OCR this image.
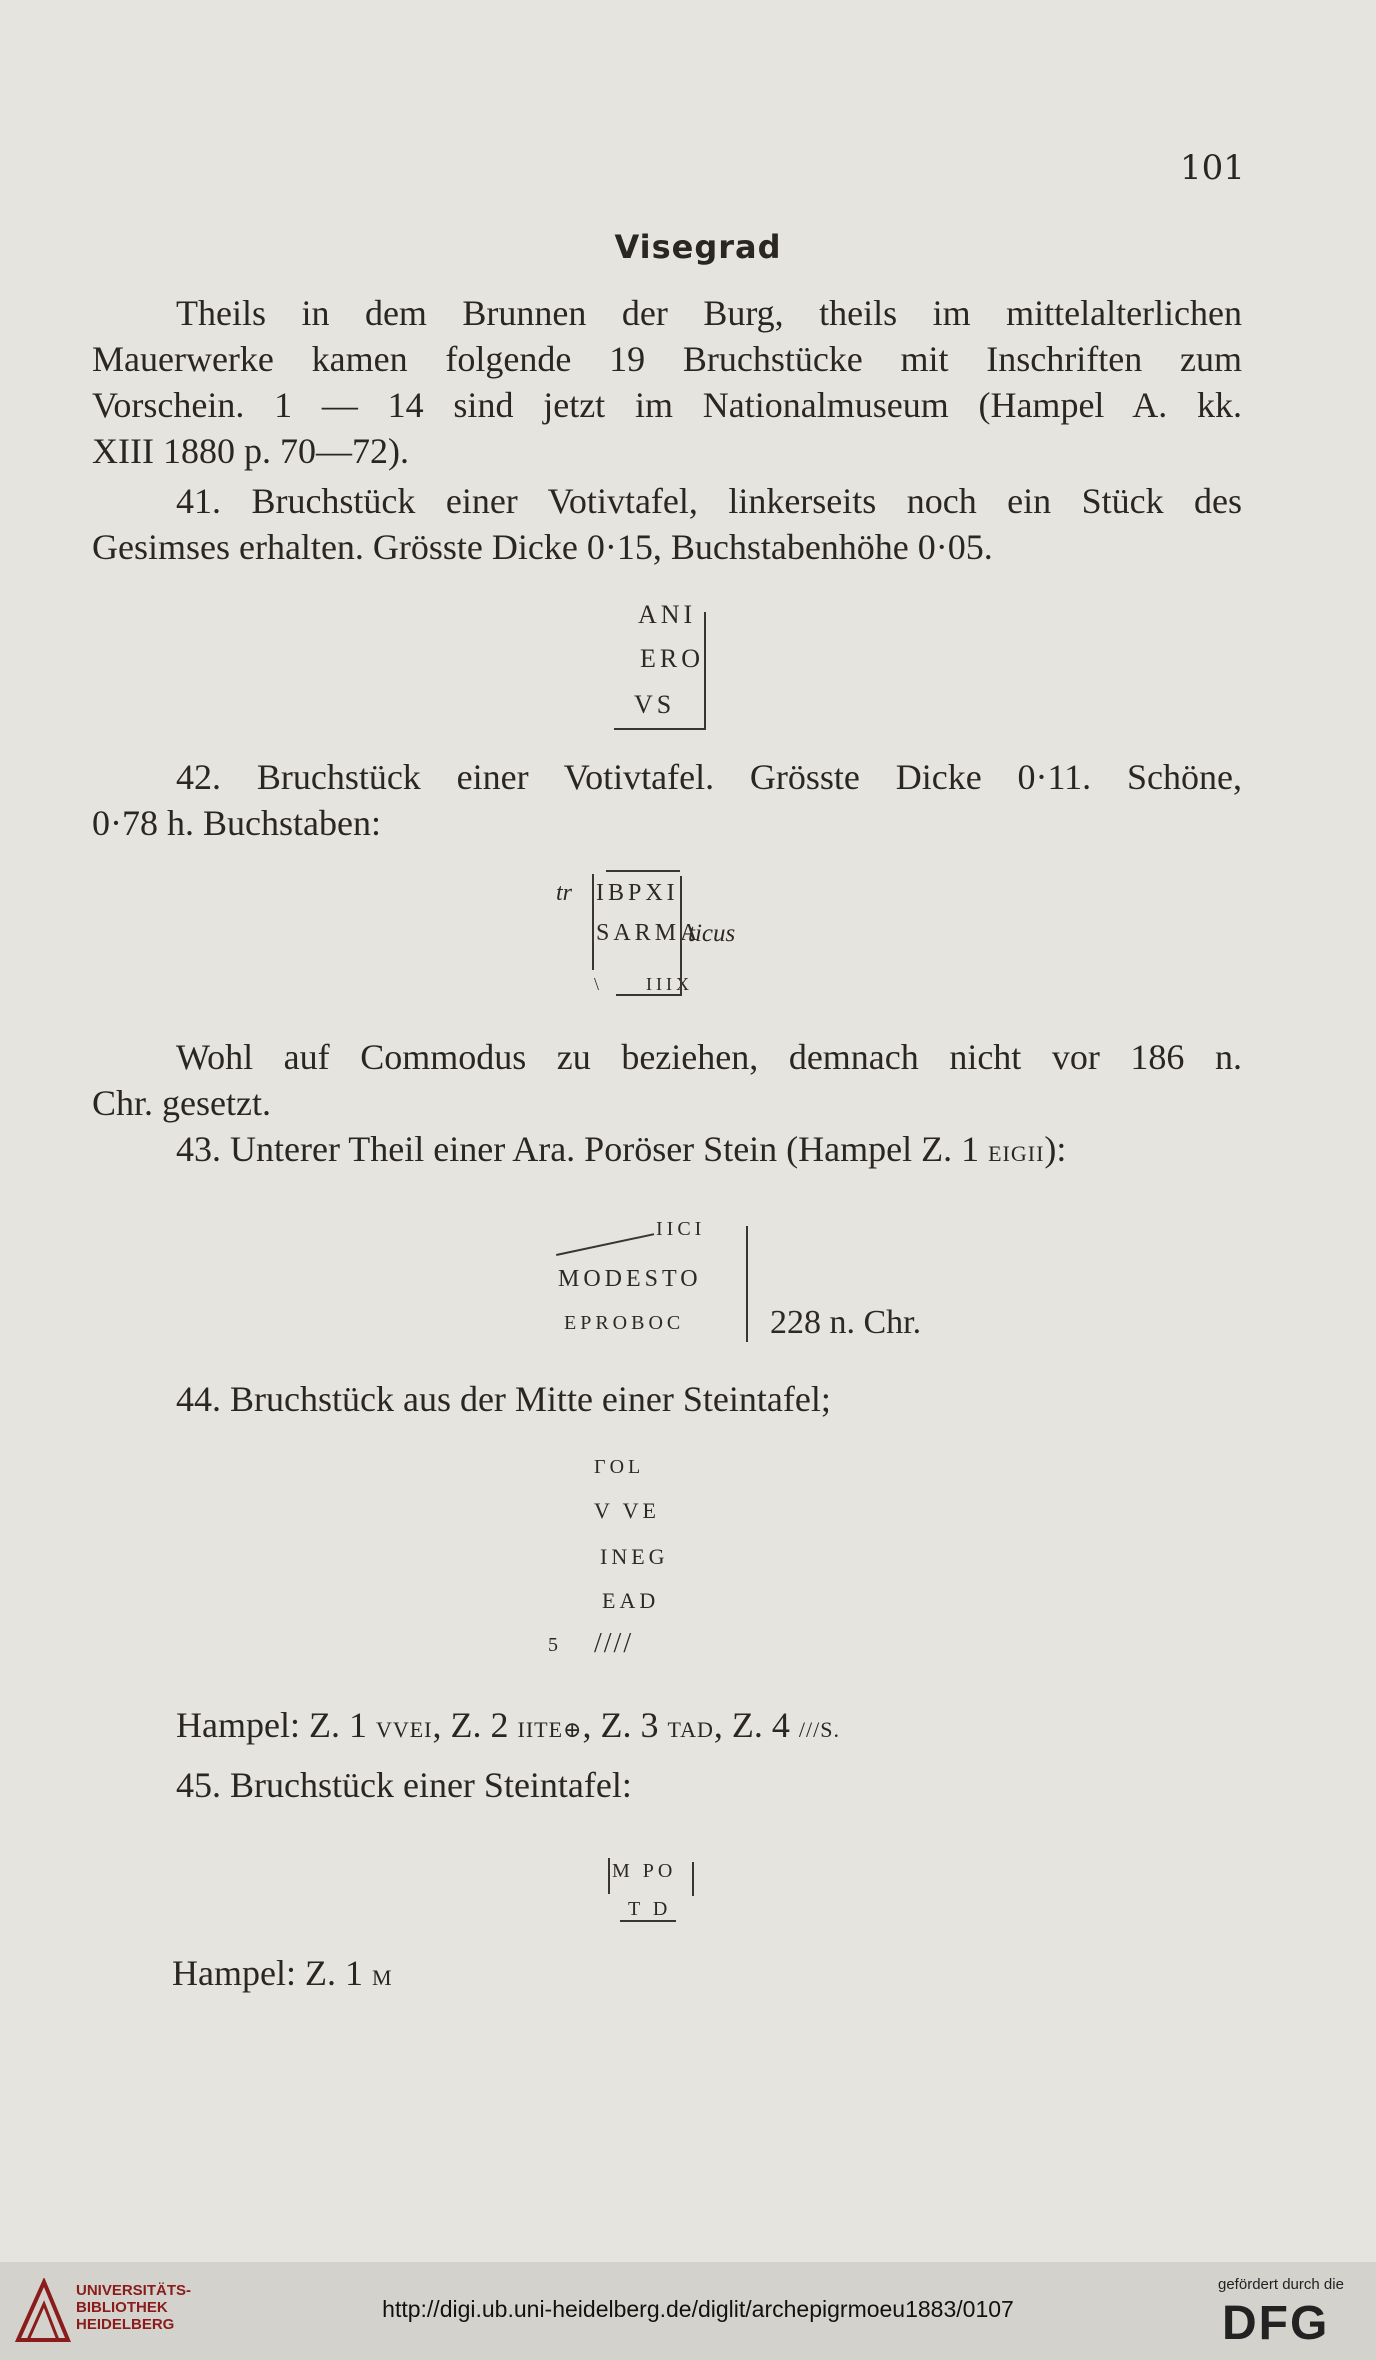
101
Visegrad
Theils in dem Brunnen der Burg, theils im mittelalterlichen
Mauerwerke kamen folgende 19 Bruchstücke mit Inschriften zum
Vorschein. 1 — 14 sind jetzt im Nationalmuseum (Hampel A. kk.
XIII 1880 p. 70—72).
41. Bruchstück einer Votivtafel, linkerseits noch ein Stück des
Gesimses erhalten. Grösste Dicke 0·15, Buchstabenhöhe 0·05.
ANI
ERO
VS
42. Bruchstück einer Votivtafel. Grösste Dicke 0·11. Schöne,
0·78 h. Buchstaben:
tr IBPXI
SARMA
ticus
\ IIIX
Wohl auf Commodus zu beziehen, demnach nicht vor 186 n.
Chr. gesetzt.
43. Unterer Theil einer Ara. Poröser Stein (Hampel Z. 1 EIGII):
IICI
MODESTO
EPROBOC	228 n. Chr.
44. Bruchstück aus der Mitte einer Steintafel;
ΓOL
V VE
INEG
EAD
5 ////
Hampel: Z. 1 VVEI, Z. 2 IITE⊕, Z. 3 TAD, Z. 4 ///S.
45. Bruchstück einer Steintafel:
M PO
T D
Hampel: Z. 1 M
UNIVERSITÄTS-
BIBLIOTHEK
HEIDELBERG
http://digi.ub.uni-heidelberg.de/diglit/archepigrmoeu1883/0107
gefördert durch die
DFG
